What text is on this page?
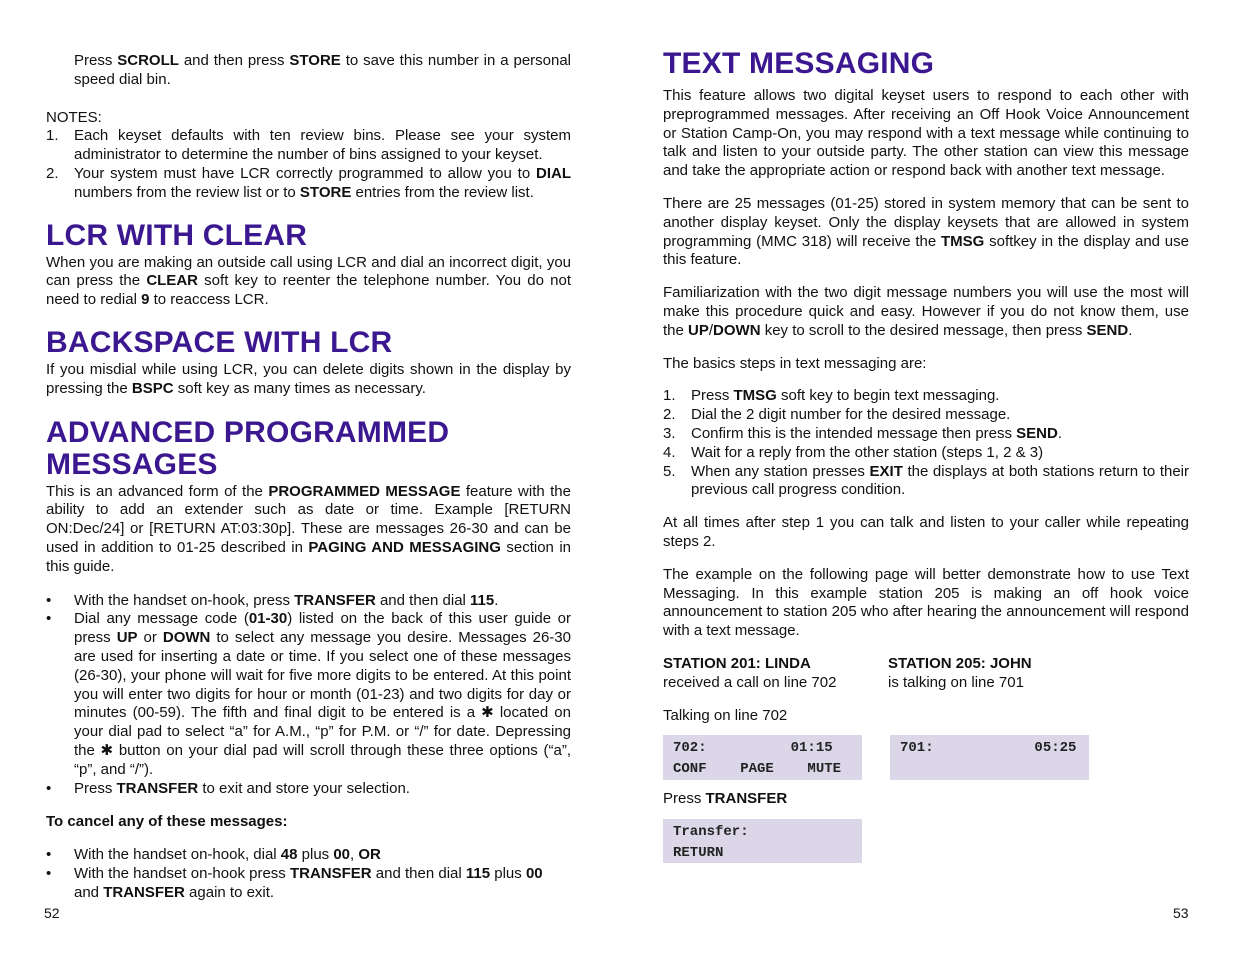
Press SCROLL and then press STORE to save this number in a personal speed dial bin.

NOTES:

1. Each keyset defaults with ten review bins. Please see your system administrator to determine the number of bins assigned to your keyset.
2. Your system must have LCR correctly programmed to allow you to DIAL numbers from the review list or to STORE entries from the review list.
LCR WITH CLEAR

When you are making an outside call using LCR and dial an incorrect digit, you can press the CLEAR soft key to reenter the telephone number. You do not need to redial 9 to reaccess LCR.

BACKSPACE WITH LCR

If you misdial while using LCR, you can delete digits shown in the display by pressing the BSPC soft key as many times as necessary.

ADVANCED PROGRAMMED
MESSAGES

This is an advanced form of the PROGRAMMED MESSAGE feature with the ability to add an extender such as date or time. Example [RETURN ON:Dec/24] or [RETURN AT:03:30p]. These are messages 26-30 and can be used in addition to 01-25 described in PAGING AND MESSAGING section in this guide.

• With the handset on-hook, press TRANSFER and then dial 115.
• Dial any message code (01-30) listed on the back of this user guide or press UP or DOWN to select any message you desire. Messages 26-30 are used for inserting a date or time. If you select one of these messages (26-30), your phone will wait for five more digits to be entered. At this point you will enter two digits for hour or month (01-23) and two digits for day or minutes (00-59). The fifth and final digit to be entered is a ✱ located on your dial pad to select “a” for A.M., “p” for P.M. or “/” for date. Depressing the ✱ button on your dial pad will scroll through these three options (“a”, “p”, and “/”).
• Press TRANSFER to exit and store your selection.

To cancel any of these messages:

• With the handset on-hook, dial 48 plus 00, OR
• With the handset on-hook press TRANSFER and then dial 115 plus 00 and TRANSFER again to exit.
52
TEXT MESSAGING

This feature allows two digital keyset users to respond to each other with preprogrammed messages. After receiving an Off Hook Voice Announcement or Station Camp-On, you may respond with a text message while continuing to talk and listen to your outside party. The other station can view this message and take the appropriate action or respond back with another text message.

There are 25 messages (01-25) stored in system memory that can be sent to another display keyset. Only the display keysets that are allowed in system programming (MMC 318) will receive the TMSG softkey in the display and use this feature.

Familiarization with the two digit message numbers you will use the most will make this procedure quick and easy. However if you do not know them, use the UP/DOWN key to scroll to the desired message, then press SEND.

The basics steps in text messaging are:

1. Press TMSG soft key to begin text messaging.
2. Dial the 2 digit number for the desired message.
3. Confirm this is the intended message then press SEND.
4. Wait for a reply from the other station (steps 1, 2 & 3)
5. When any station presses EXIT the displays at both stations return to their previous call progress condition.

At all times after step 1 you can talk and listen to your caller while repeating steps 2.

The example on the following page will better demonstrate how to use Text Messaging. In this example station 205 is making an off hook voice announcement to station 205 who after hearing the announcement will respond with a text message.

STATION 201: LINDA

received a call on line 702

STATION 205: JOHN

is talking on line 701

Talking on line 702

702:          01:15
CONF    PAGE    MUTE
701:            05:25

Press TRANSFER

Transfer:
RETURN
53
